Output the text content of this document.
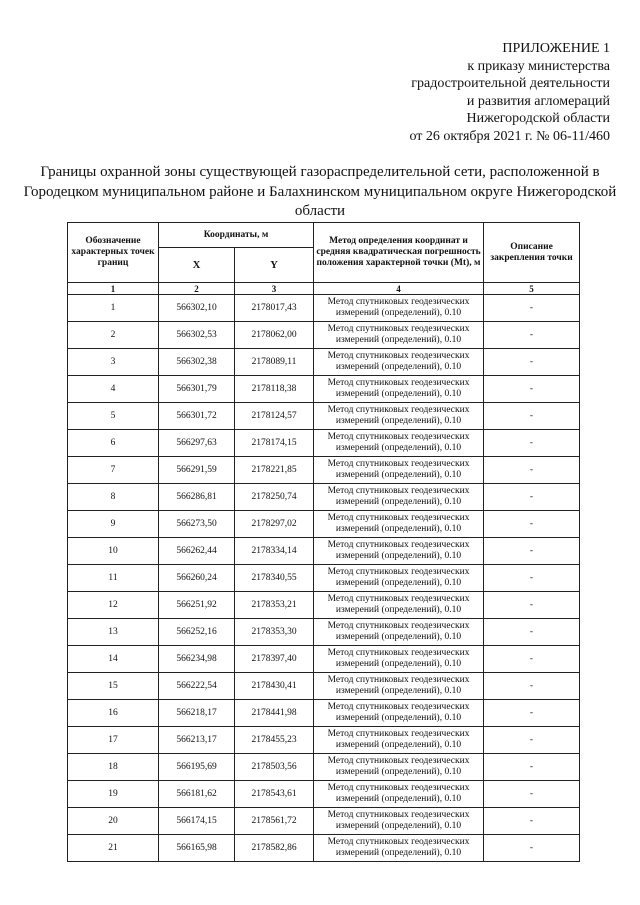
ПРИЛОЖЕНИЕ 1
к приказу министерства
градостроительной деятельности
и развития агломераций
Нижегородской области
от 26 октября 2021 г. № 06-11/460
Границы охранной зоны существующей газораспределительной сети, расположенной в Городецком муниципальном районе и Балахнинском муниципальном округе Нижегородской области
Обозначение характерных точек границ	Координаты, м		Метод определения координат и средняя квадратическая погрешность положения характерной точки (Mt), м	Описание закрепления точки
	X	Y		
1	2	3	4	5
1	566302,10	2178017,43	Метод спутниковых геодезических измерений (определений), 0.10	-
2	566302,53	2178062,00	Метод спутниковых геодезических измерений (определений), 0.10	-
3	566302,38	2178089,11	Метод спутниковых геодезических измерений (определений), 0.10	-
4	566301,79	2178118,38	Метод спутниковых геодезических измерений (определений), 0.10	-
5	566301,72	2178124,57	Метод спутниковых геодезических измерений (определений), 0.10	-
6	566297,63	2178174,15	Метод спутниковых геодезических измерений (определений), 0.10	-
7	566291,59	2178221,85	Метод спутниковых геодезических измерений (определений), 0.10	-
8	566286,81	2178250,74	Метод спутниковых геодезических измерений (определений), 0.10	-
9	566273,50	2178297,02	Метод спутниковых геодезических измерений (определений), 0.10	-
10	566262,44	2178334,14	Метод спутниковых геодезических измерений (определений), 0.10	-
11	566260,24	2178340,55	Метод спутниковых геодезических измерений (определений), 0.10	-
12	566251,92	2178353,21	Метод спутниковых геодезических измерений (определений), 0.10	-
13	566252,16	2178353,30	Метод спутниковых геодезических измерений (определений), 0.10	-
14	566234,98	2178397,40	Метод спутниковых геодезических измерений (определений), 0.10	-
15	566222,54	2178430,41	Метод спутниковых геодезических измерений (определений), 0.10	-
16	566218,17	2178441,98	Метод спутниковых геодезических измерений (определений), 0.10	-
17	566213,17	2178455,23	Метод спутниковых геодезических измерений (определений), 0.10	-
18	566195,69	2178503,56	Метод спутниковых геодезических измерений (определений), 0.10	-
19	566181,62	2178543,61	Метод спутниковых геодезических измерений (определений), 0.10	-
20	566174,15	2178561,72	Метод спутниковых геодезических измерений (определений), 0.10	-
21	566165,98	2178582,86	Метод спутниковых геодезических измерений (определений), 0.10	-
